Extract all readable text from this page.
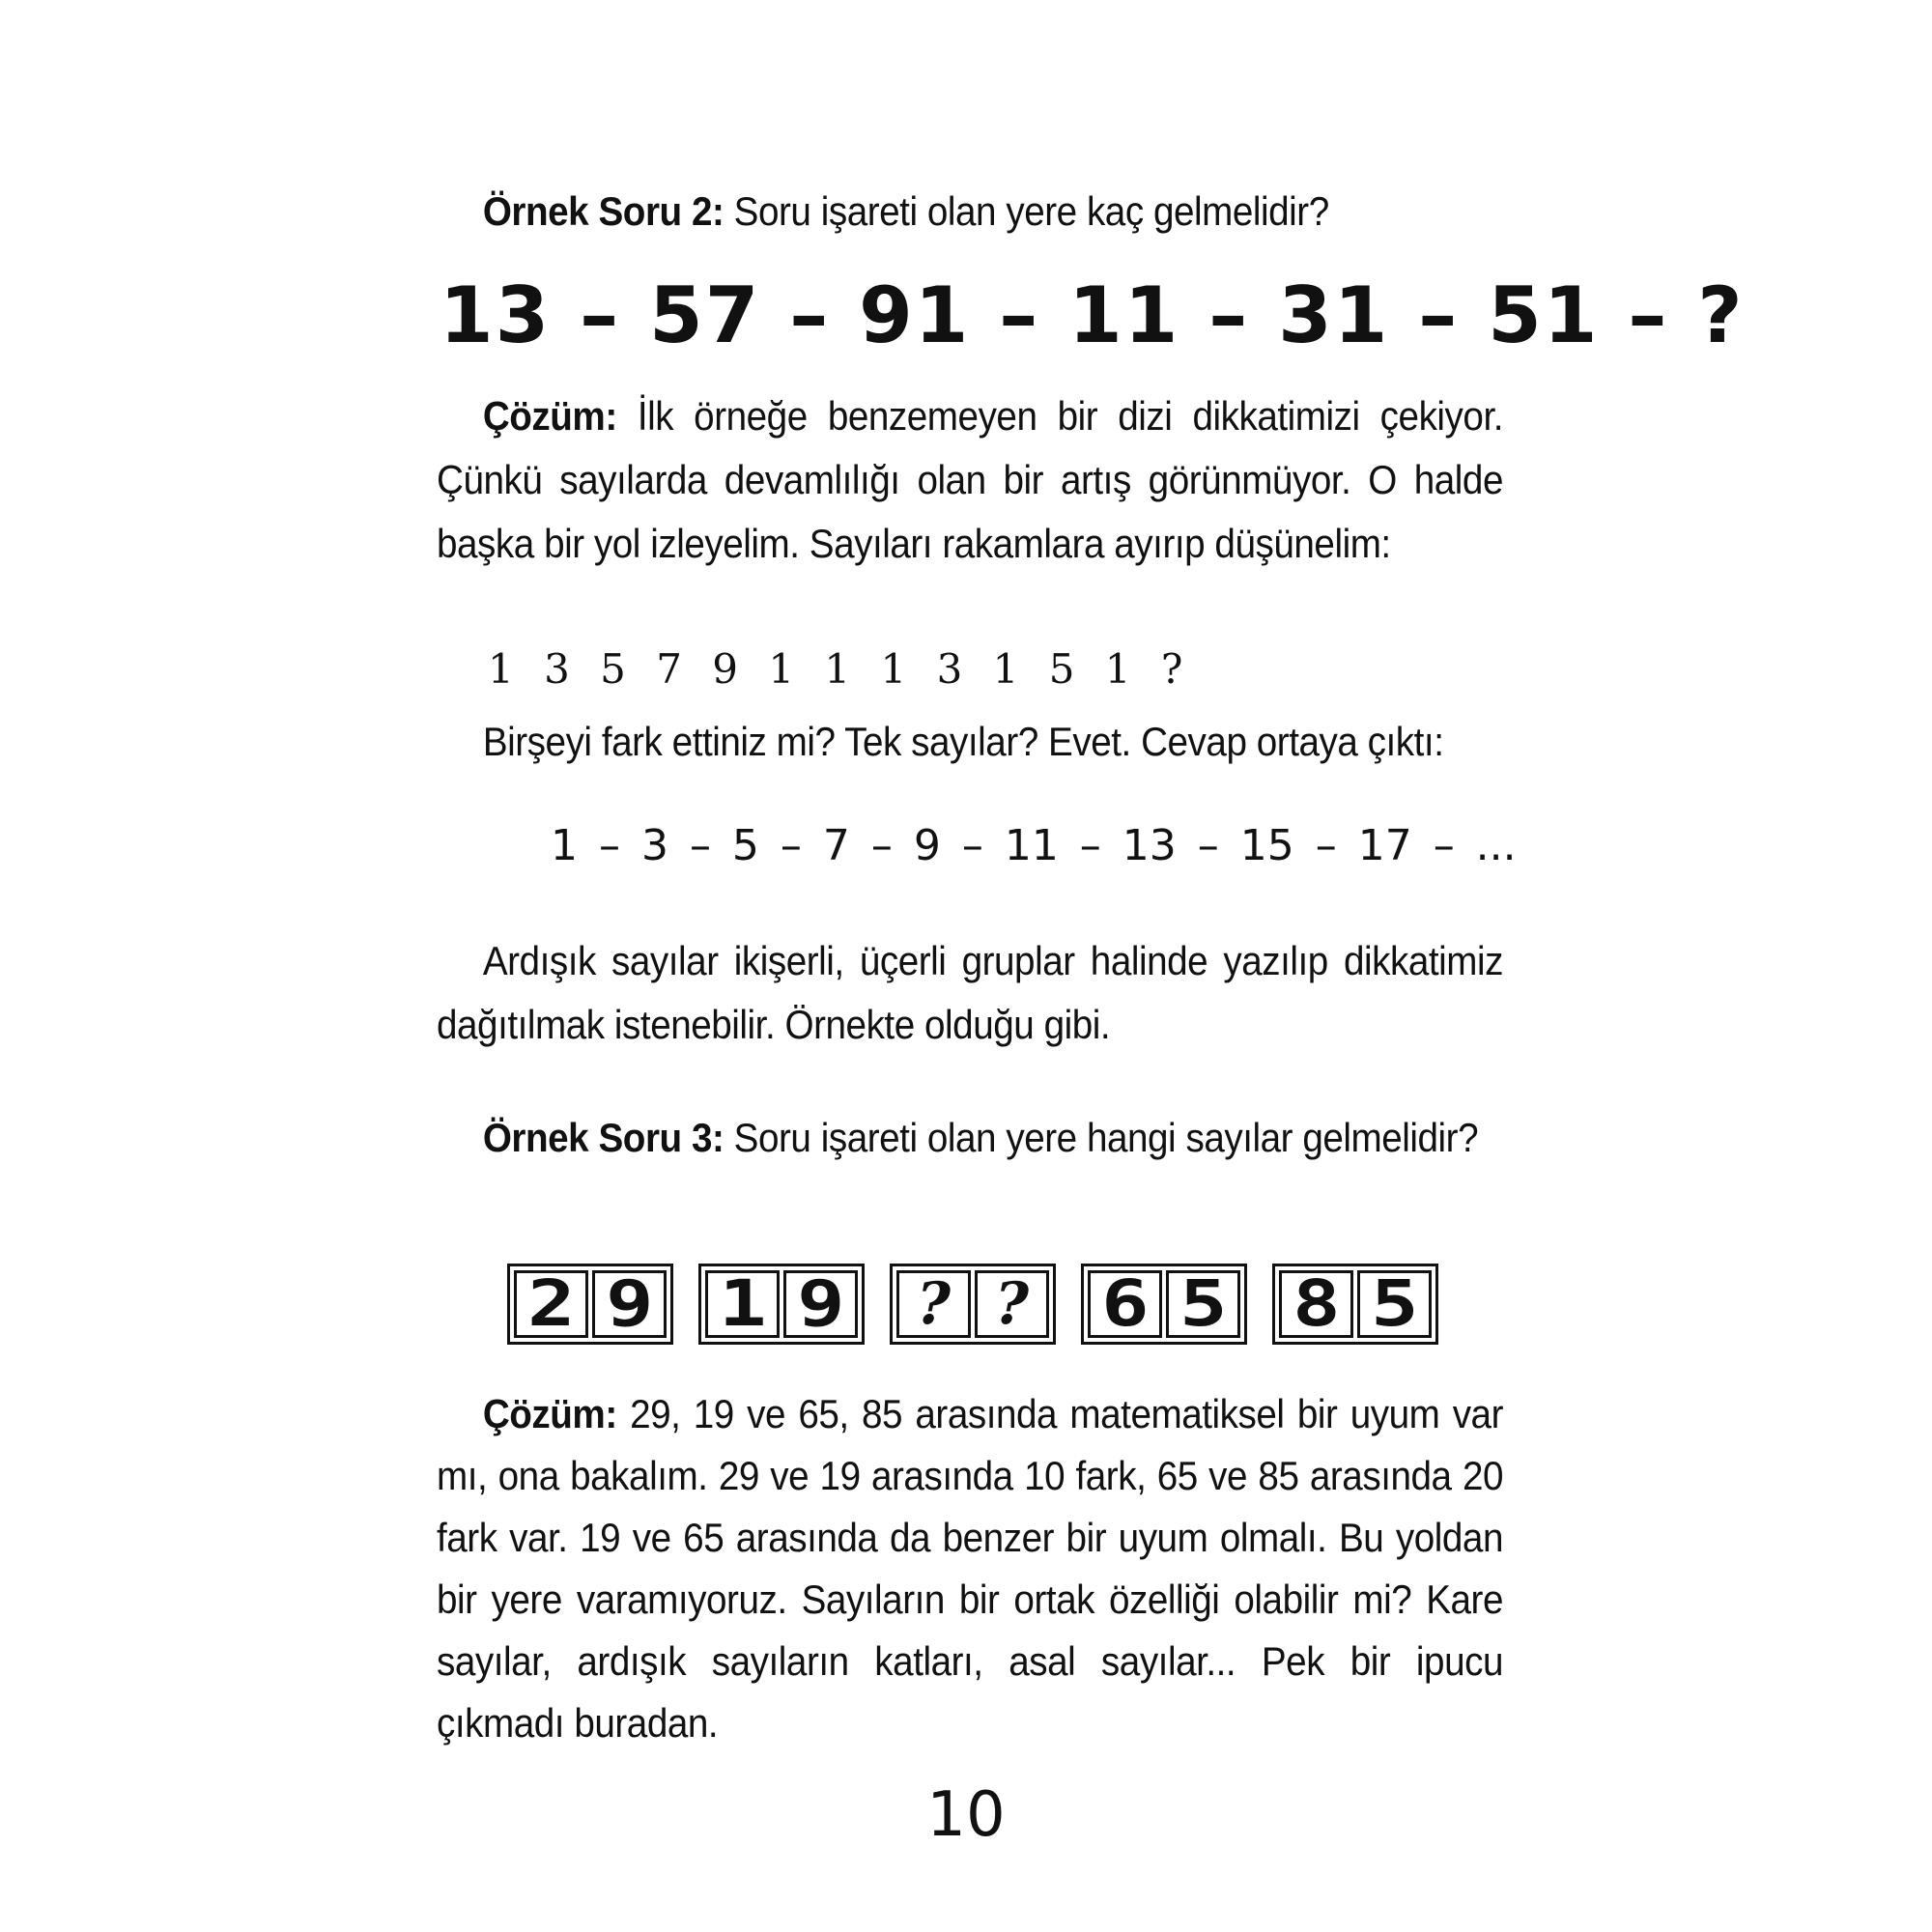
Örnek Soru 2: Soru işareti olan yere kaç gelmelidir?

13 – 57 – 91 – 11 – 31 – 51 – ?

Çözüm: İlk örneğe benzemeyen bir dizi dikkatimizi çekiyor. Çünkü sayılarda devamlılığı olan bir artış görünmüyor. O halde başka bir yol izleyelim. Sayıları rakamlara ayırıp düşünelim:

1 3 5 7 9 1 1 1 3 1 5 1 ?

Birşeyi fark ettiniz mi? Tek sayılar? Evet. Cevap ortaya çıktı:

1 – 3 – 5 – 7 – 9 – 11 – 13 – 15 – 17 – ...

Ardışık sayılar ikişerli, üçerli gruplar halinde yazılıp dikkatimiz dağıtılmak istenebilir. Örnekte olduğu gibi.

Örnek Soru 3: Soru işareti olan yere hangi sayılar gelmelidir?

2 9 1 9 ? ? 6 5 8 5

Çözüm: 29, 19 ve 65, 85 arasında matematiksel bir uyum var mı, ona bakalım. 29 ve 19 arasında 10 fark, 65 ve 85 arasında 20 fark var. 19 ve 65 arasında da benzer bir uyum olmalı. Bu yoldan bir yere varamıyoruz. Sayıların bir ortak özelliği olabilir mi? Kare sayılar, ardışık sayıların katları, asal sayılar... Pek bir ipucu çıkmadı buradan.

10
